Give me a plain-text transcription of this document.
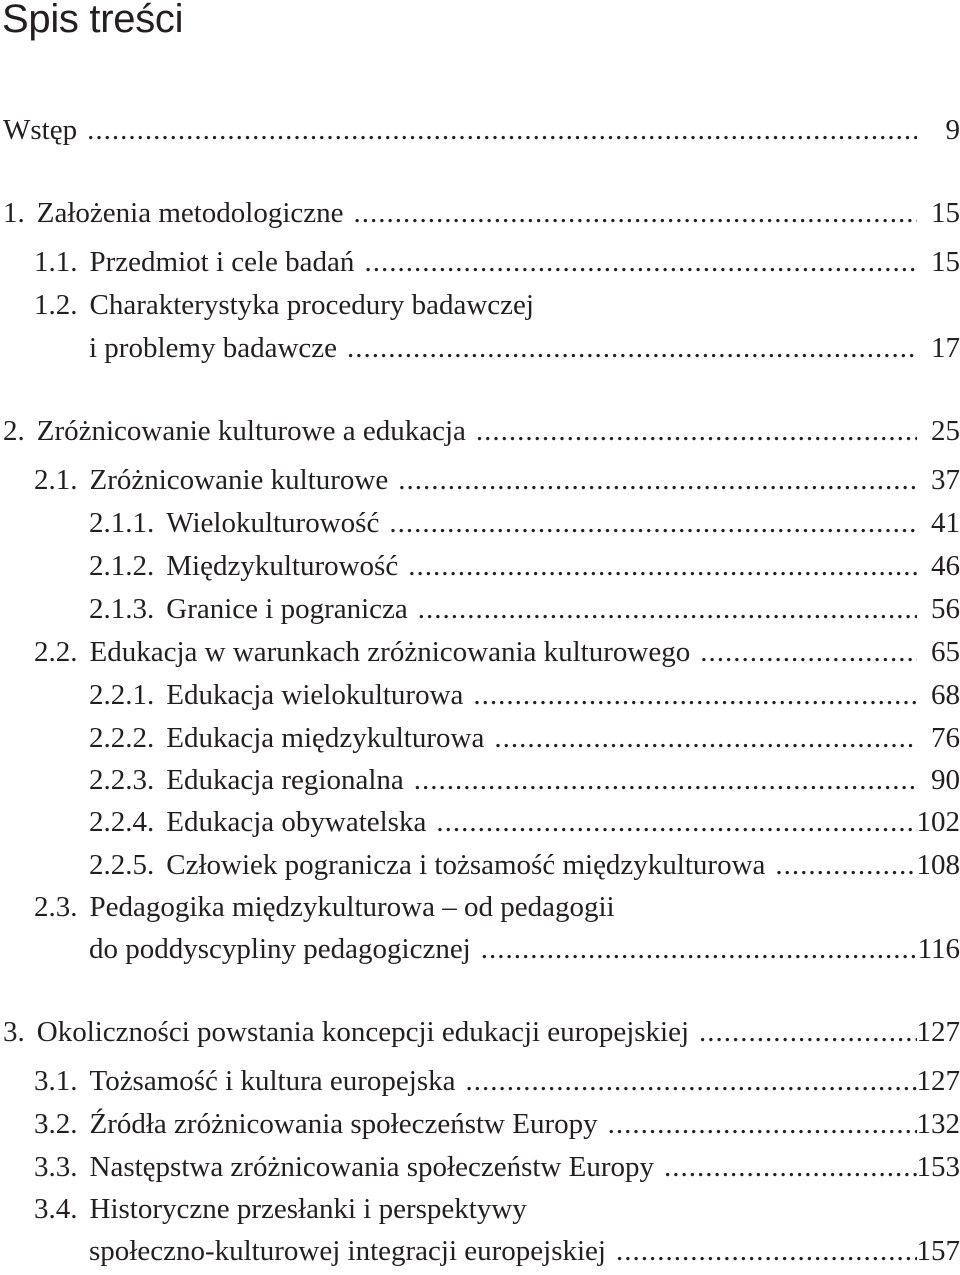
Spis treści
Wstęp .....	9
1. Założenia metodologiczne .....	15
1.1. Przedmiot i cele badań .....	15
1.2. Charakterystyka procedury badawczej
i problemy badawcze .....	17
2. Zróżnicowanie kulturowe a edukacja .....	25
2.1. Zróżnicowanie kulturowe .....	37
2.1.1. Wielokulturowość .....	41
2.1.2. Międzykulturowość .....	46
2.1.3. Granice i pogranicza .....	56
2.2. Edukacja w warunkach zróżnicowania kulturowego .....	65
2.2.1. Edukacja wielokulturowa .....	68
2.2.2. Edukacja międzykulturowa .....	76
2.2.3. Edukacja regionalna .....	90
2.2.4. Edukacja obywatelska .....	102
2.2.5. Człowiek pogranicza i tożsamość międzykulturowa .....	108
2.3. Pedagogika międzykulturowa – od pedagogii
do poddyscypliny pedagogicznej .....	116
3. Okoliczności powstania koncepcji edukacji europejskiej .....	127
3.1. Tożsamość i kultura europejska .....	127
3.2. Źródła zróżnicowania społeczeństw Europy .....	132
3.3. Następstwa zróżnicowania społeczeństw Europy .....	153
3.4. Historyczne przesłanki i perspektywy
społeczno-kulturowej integracji europejskiej .....	157
